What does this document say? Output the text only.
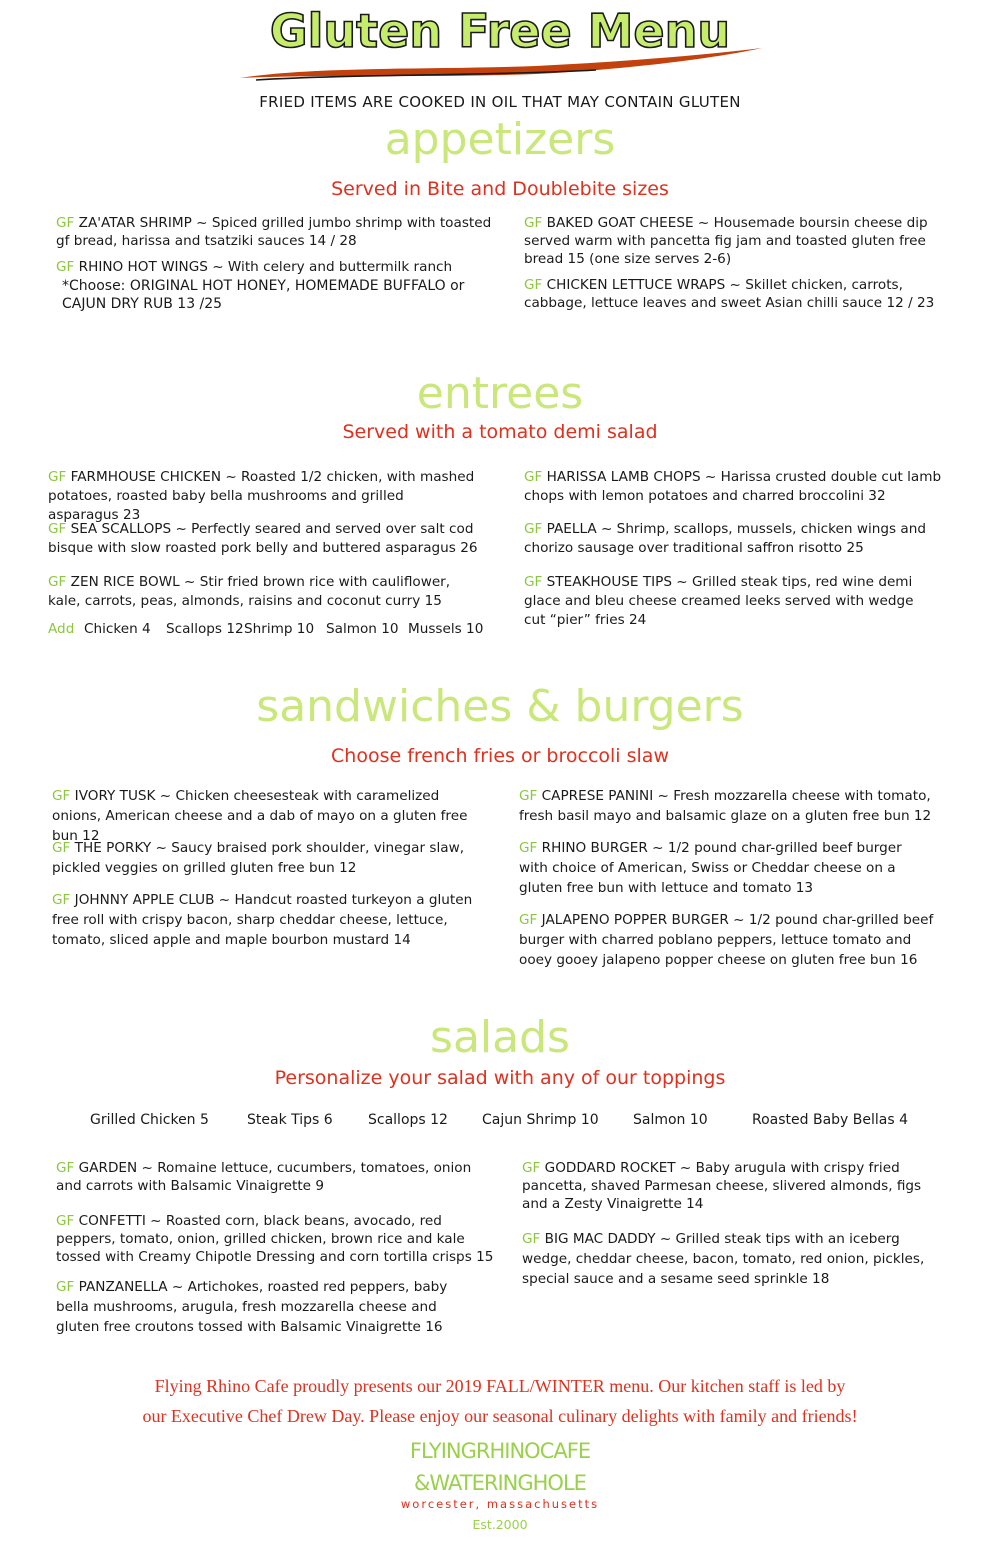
Gluten Free Menu
FRIED ITEMS ARE COOKED IN OIL THAT MAY CONTAIN GLUTEN
appetizers
Served in Bite and Doublebite sizes
GF ZA'ATAR SHRIMP ~ Spiced grilled jumbo shrimp with toasted gf bread, harissa and tsatziki sauces 14 / 28
GF RHINO HOT WINGS ~ With celery and buttermilk ranch
*Choose: ORIGINAL HOT HONEY, HOMEMADE BUFFALO or CAJUN DRY RUB 13 /25
GF BAKED GOAT CHEESE ~ Housemade boursin cheese dip served warm with pancetta fig jam and toasted gluten free bread 15 (one size serves 2-6)
GF CHICKEN LETTUCE WRAPS ~ Skillet chicken, carrots, cabbage, lettuce leaves and sweet Asian chilli sauce 12 / 23
entrees
Served with a tomato demi salad
GF FARMHOUSE CHICKEN ~ Roasted 1/2 chicken, with mashed potatoes, roasted baby bella mushrooms and grilled asparagus 23
GF SEA SCALLOPS ~ Perfectly seared and served over salt cod bisque with slow roasted pork belly and buttered asparagus 26
GF ZEN RICE BOWL ~ Stir fried brown rice with cauliflower, kale, carrots, peas, almonds, raisins and coconut curry 15
Add Chicken 4 Scallops 12 Shrimp 10 Salmon 10 Mussels 10
GF HARISSA LAMB CHOPS ~ Harissa crusted double cut lamb chops with lemon potatoes and charred broccolini 32
GF PAELLA ~ Shrimp, scallops, mussels, chicken wings and chorizo sausage over traditional saffron risotto 25
GF STEAKHOUSE TIPS ~ Grilled steak tips, red wine demi glace and bleu cheese creamed leeks served with wedge cut “pier” fries 24
sandwiches & burgers
Choose french fries or broccoli slaw
GF IVORY TUSK ~ Chicken cheesesteak with caramelized onions, American cheese and a dab of mayo on a gluten free bun 12
GF THE PORKY ~ Saucy braised pork shoulder, vinegar slaw, pickled veggies on grilled gluten free bun 12
GF JOHNNY APPLE CLUB ~ Handcut roasted turkeyon a gluten free roll with crispy bacon, sharp cheddar cheese, lettuce, tomato, sliced apple and maple bourbon mustard 14
GF CAPRESE PANINI ~ Fresh mozzarella cheese with tomato, fresh basil mayo and balsamic glaze on a gluten free bun 12
GF RHINO BURGER ~ 1/2 pound char-grilled beef burger with choice of American, Swiss or Cheddar cheese on a gluten free bun with lettuce and tomato 13
GF JALAPENO POPPER BURGER ~ 1/2 pound char-grilled beef burger with charred poblano peppers, lettuce tomato and ooey gooey jalapeno popper cheese on gluten free bun 16
salads
Personalize your salad with any of our toppings
Grilled Chicken 5	Steak Tips 6	Scallops 12 Cajun Shrimp 10 Salmon 10	Roasted Baby Bellas 4
GF GARDEN ~ Romaine lettuce, cucumbers, tomatoes, onion and carrots with Balsamic Vinaigrette 9
GF CONFETTI ~ Roasted corn, black beans, avocado, red peppers, tomato, onion, grilled chicken, brown rice and kale tossed with Creamy Chipotle Dressing and corn tortilla crisps 15
GF PANZANELLA ~ Artichokes, roasted red peppers, baby bella mushrooms, arugula, fresh mozzarella cheese and gluten free croutons tossed with Balsamic Vinaigrette 16
GF GODDARD ROCKET ~ Baby arugula with crispy fried pancetta, shaved Parmesan cheese, slivered almonds, figs and a Zesty Vinaigrette 14
GF BIG MAC DADDY ~ Grilled steak tips with an iceberg wedge, cheddar cheese, bacon, tomato, red onion, pickles, special sauce and a sesame seed sprinkle 18
Flying Rhino Cafe proudly presents our 2019 FALL/WINTER menu. Our kitchen staff is led by
our Executive Chef Drew Day. Please enjoy our seasonal culinary delights with family and friends!
FLYINGRHINOCAFE
&WATERINGHOLE
worcester, massachusetts
Est.2000
